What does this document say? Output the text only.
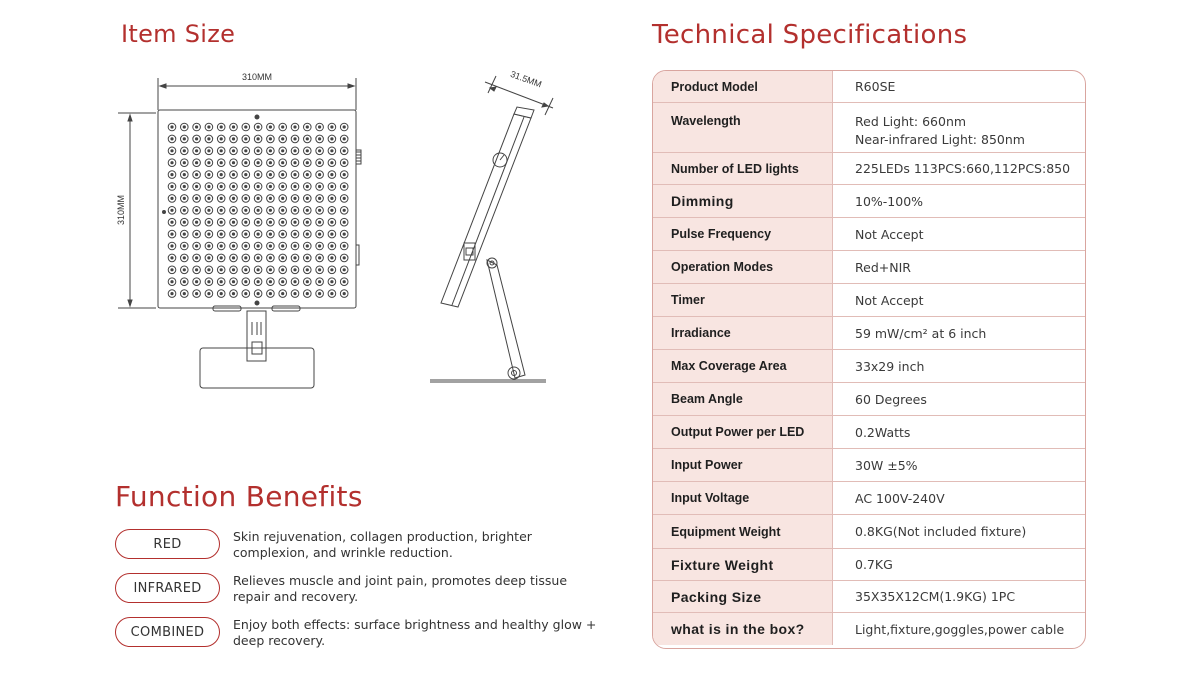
Item Size	Technical Specifications
Function Benefits
310MM
310MM
31.5MM	Product Model	R60SE
Wavelength	Red Light: 660nm
Near-infrared Light: 850nm
Number of LED lights	225LEDs 113PCS:660,112PCS:850
Dimming	10%-100%
Pulse Frequency	Not Accept
Operation Modes	Red+NIR
Timer	Not Accept
Irradiance	59 mW/cm² at 6 inch
Max Coverage Area	33x29 inch
Beam Angle	60 Degrees
Output Power per LED	0.2Watts
Input Power	30W ±5%
Input Voltage	AC 100V-240V
Equipment Weight	0.8KG(Not included fixture)
Fixture Weight	0.7KG
Packing Size	35X35X12CM(1.9KG) 1PC
what is in the box?	Light,fixture,goggles,power cable
RED	Skin rejuvenation, collagen production, brighter complexion, and wrinkle reduction.
INFRARED	Relieves muscle and joint pain, promotes deep tissue repair and recovery.
COMBINED	Enjoy both effects: surface brightness and healthy glow + deep recovery.
